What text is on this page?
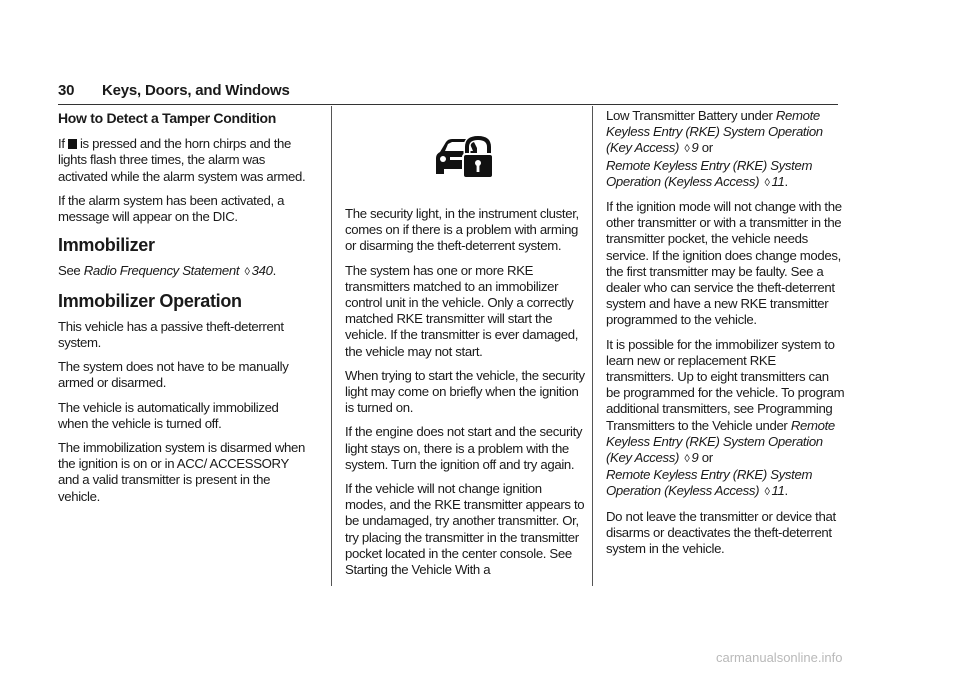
30 Keys, Doors, and Windows
How to Detect a Tamper Condition

If is pressed and the horn chirps and the lights flash three times, the alarm was activated while the alarm system was armed.

If the alarm system has been activated, a message will appear on the DIC.

Immobilizer

See Radio Frequency Statement ◊ 340.

Immobilizer Operation

This vehicle has a passive theft-deterrent system.

The system does not have to be manually armed or disarmed.

The vehicle is automatically immobilized when the vehicle is turned off.

The immobilization system is disarmed when the ignition is on or in ACC/ ACCESSORY and a valid transmitter is present in the vehicle.

The security light, in the instrument cluster, comes on if there is a problem with arming or disarming the theft-deterrent system.

The system has one or more RKE transmitters matched to an immobilizer control unit in the vehicle. Only a correctly matched RKE transmitter will start the vehicle. If the transmitter is ever damaged, the vehicle may not start.

When trying to start the vehicle, the security light may come on briefly when the ignition is turned on.

If the engine does not start and the security light stays on, there is a problem with the system. Turn the ignition off and try again.

If the vehicle will not change ignition modes, and the RKE transmitter appears to be undamaged, try another transmitter. Or, try placing the transmitter in the transmitter pocket located in the center console. See Starting the Vehicle With a

Low Transmitter Battery under Remote Keyless Entry (RKE) System Operation (Key Access) ◊ 9 or
Remote Keyless Entry (RKE) System Operation (Keyless Access) ◊ 11.

If the ignition mode will not change with the other transmitter or with a transmitter in the transmitter pocket, the vehicle needs service. If the ignition does change modes, the first transmitter may be faulty. See a dealer who can service the theft-deterrent system and have a new RKE transmitter programmed to the vehicle.

It is possible for the immobilizer system to learn new or replacement RKE transmitters. Up to eight transmitters can be programmed for the vehicle. To program additional transmitters, see Programming Transmitters to the Vehicle under Remote Keyless Entry (RKE) System Operation (Key Access) ◊ 9 or
Remote Keyless Entry (RKE) System Operation (Keyless Access) ◊ 11.

Do not leave the transmitter or device that disarms or deactivates the theft-deterrent system in the vehicle.

carmanualsonline.info
